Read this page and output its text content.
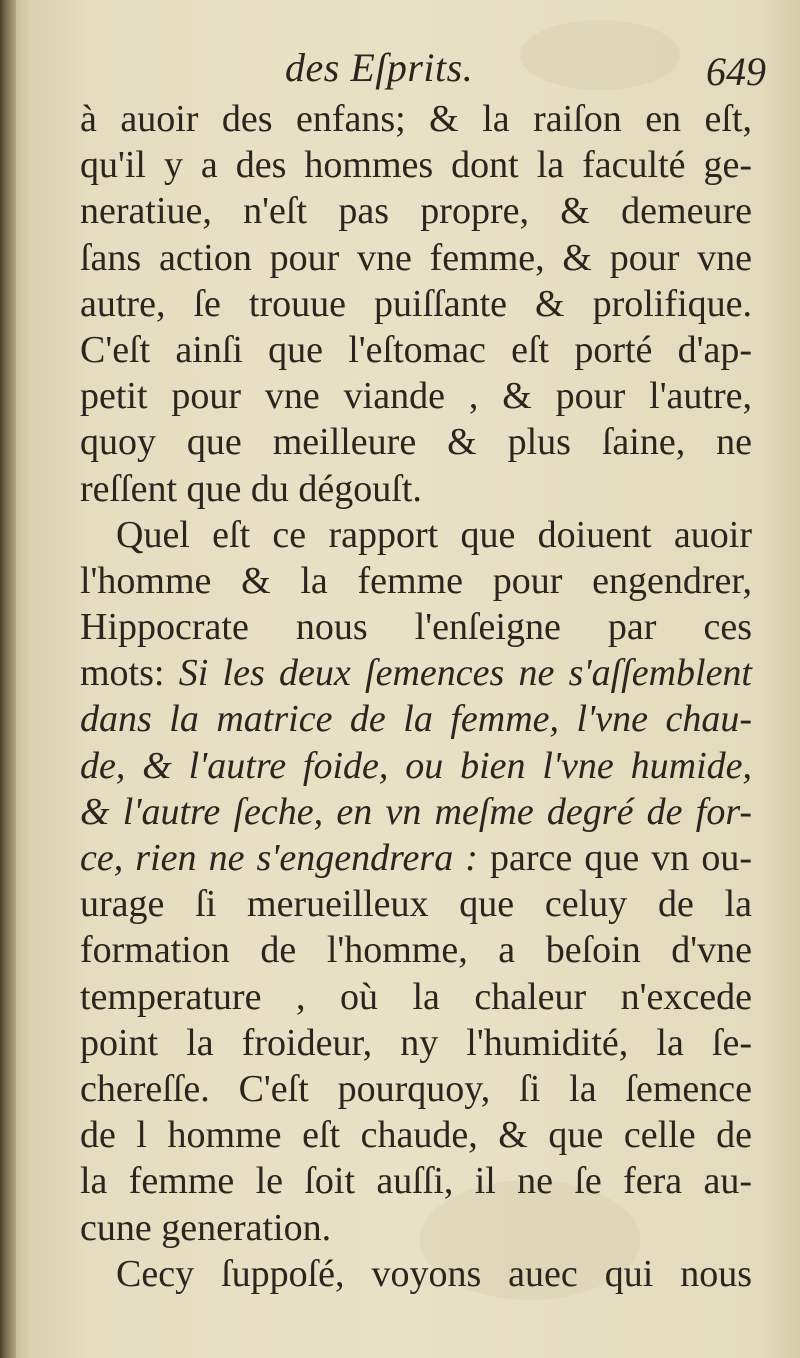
des Eſprits.	649
à auoir des enfans; & la raiſon en eſt,
qu'il y a des hommes dont la faculté ge-
neratiue, n'eſt pas propre, & demeure
ſans action pour vne femme, & pour vne
autre, ſe trouue puiſſante & prolifique.
C'eſt ainſi que l'eſtomac eſt porté d'ap-
petit pour vne viande , & pour l'autre,
quoy que meilleure & plus ſaine, ne
reſſent que du dégouſt.
Quel eſt ce rapport que doiuent auoir
l'homme & la femme pour engendrer,
Hippocrate nous l'enſeigne par ces
mots: Si les deux ſemences ne s'aſſemblent
dans la matrice de la femme, l'vne chau-
de, & l'autre foide, ou bien l'vne humide,
& l'autre ſeche, en vn meſme degré de for-
ce, rien ne s'engendrera : parce que vn ou-
urage ſi merueilleux que celuy de la
formation de l'homme, a beſoin d'vne
temperature , où la chaleur n'excede
point la froideur, ny l'humidité, la ſe-
chereſſe. C'eſt pourquoy, ſi la ſemence
de l homme eſt chaude, & que celle de
la femme le ſoit auſſi, il ne ſe fera au-
cune generation.
Cecy ſuppoſé, voyons auec qui nous
